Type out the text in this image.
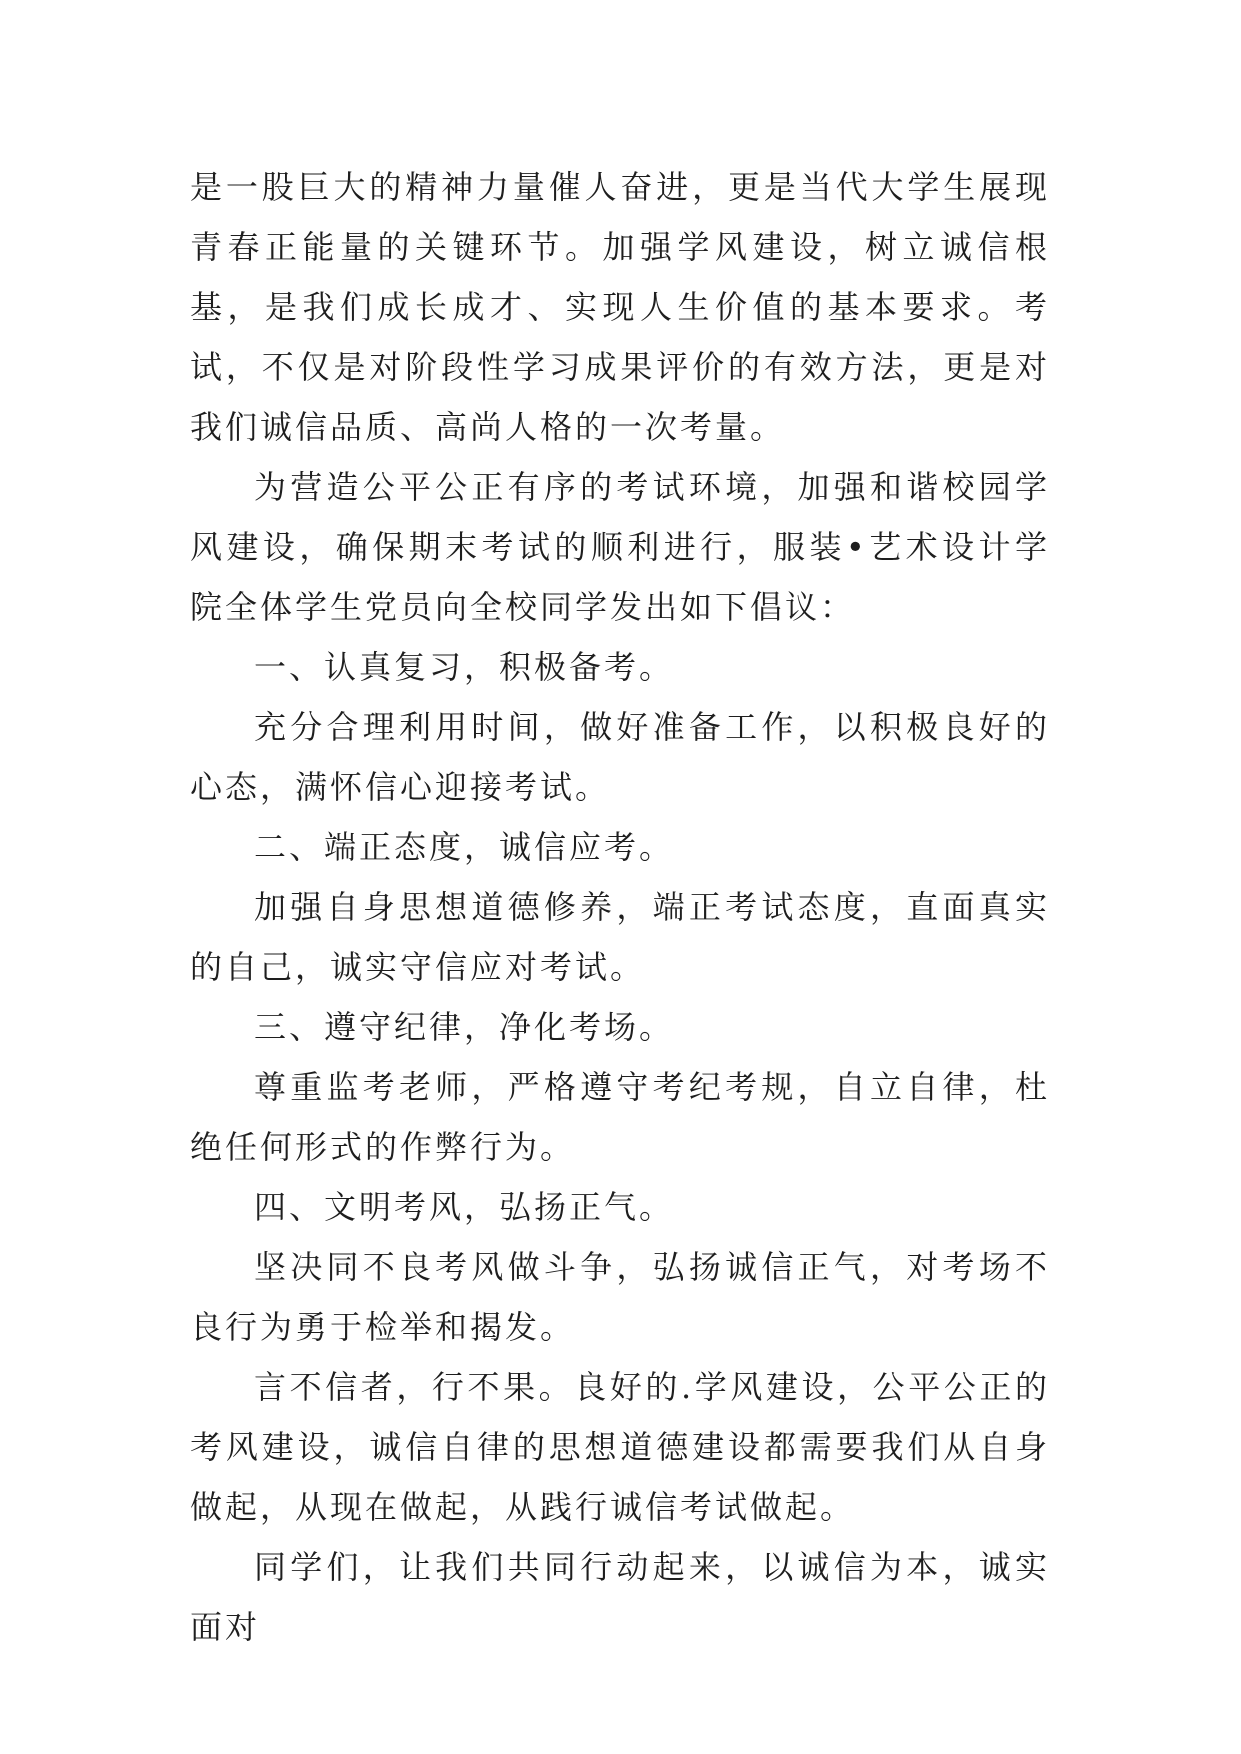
是一股巨大的精神力量催人奋进，更是当代大学生展现青春正能量的关键环节。加强学风建设，树立诚信根基，是我们成长成才、实现人生价值的基本要求。考试，不仅是对阶段性学习成果评价的有效方法，更是对我们诚信品质、高尚人格的一次考量。

为营造公平公正有序的考试环境，加强和谐校园学风建设，确保期末考试的顺利进行，服装•艺术设计学院全体学生党员向全校同学发出如下倡议：

一、认真复习，积极备考。

充分合理利用时间，做好准备工作，以积极良好的心态，满怀信心迎接考试。

二、端正态度，诚信应考。

加强自身思想道德修养，端正考试态度，直面真实的自己，诚实守信应对考试。

三、遵守纪律，净化考场。

尊重监考老师，严格遵守考纪考规，自立自律，杜绝任何形式的作弊行为。

四、文明考风，弘扬正气。

坚决同不良考风做斗争，弘扬诚信正气，对考场不良行为勇于检举和揭发。

言不信者，行不果。良好的.学风建设，公平公正的考风建设，诚信自律的思想道德建设都需要我们从自身做起，从现在做起，从践行诚信考试做起。

同学们，让我们共同行动起来，以诚信为本，诚实面对
